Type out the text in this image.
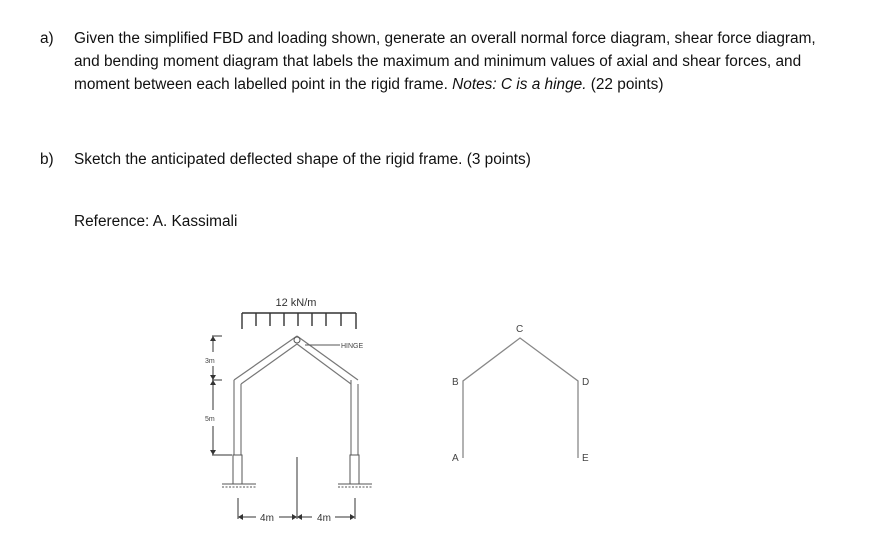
a) Given the simplified FBD and loading shown, generate an overall normal force diagram, shear force diagram, and bending moment diagram that labels the maximum and minimum values of axial and shear forces, and moment between each labelled point in the rigid frame. Notes: C is a hinge. (22 points)
b) Sketch the anticipated deflected shape of the rigid frame. (3 points)
Reference: A. Kassimali
12 kN/m
HINGE
3m
5m
4m	4m
A
B
C
D
E
